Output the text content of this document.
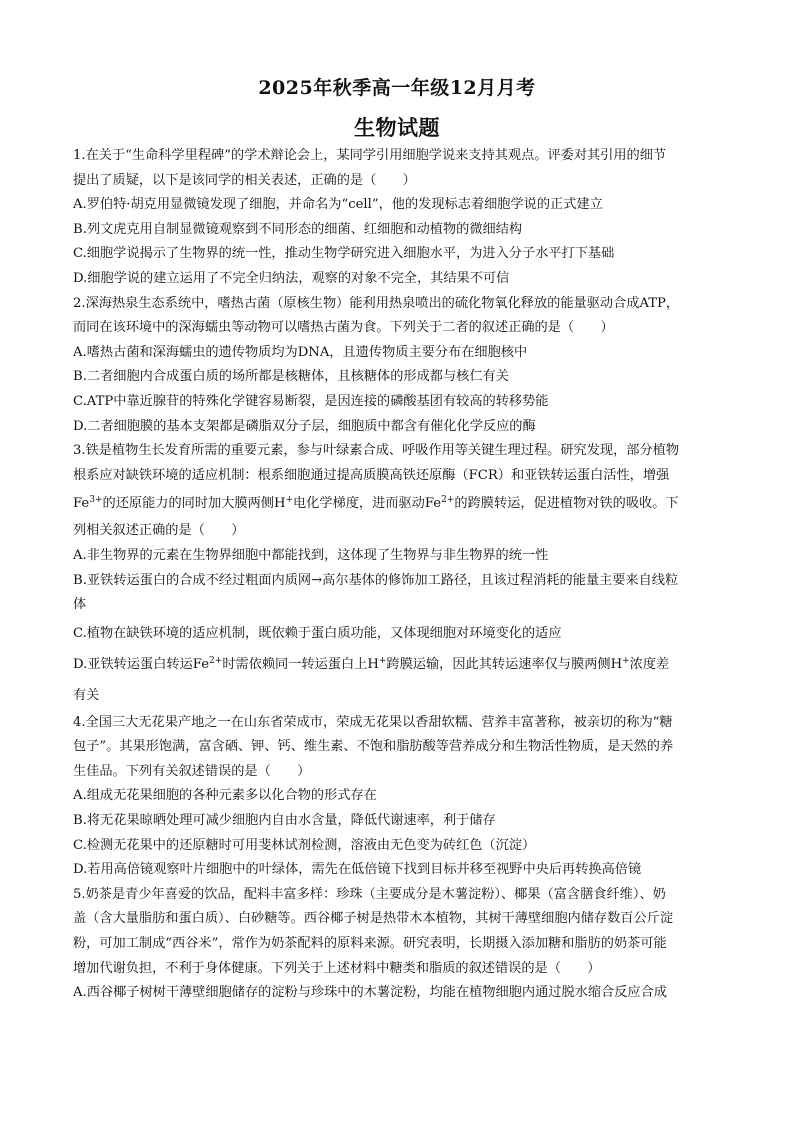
2025年秋季高一年级12月月考
生物试题

1.在关于“生命科学里程碑”的学术辩论会上，某同学引用细胞学说来支持其观点。评委对其引用的细节

提出了质疑，以下是该同学的相关表述，正确的是（　　）

A.罗伯特·胡克用显微镜发现了细胞，并命名为“cell”，他的发现标志着细胞学说的正式建立

B.列文虎克用自制显微镜观察到不同形态的细菌、红细胞和动植物的微细结构

C.细胞学说揭示了生物界的统一性，推动生物学研究进入细胞水平，为进入分子水平打下基础

D.细胞学说的建立运用了不完全归纳法，观察的对象不完全，其结果不可信

2.深海热泉生态系统中，嗜热古菌（原核生物）能利用热泉喷出的硫化物氧化释放的能量驱动合成ATP，

而同在该环境中的深海蠕虫等动物可以嗜热古菌为食。下列关于二者的叙述正确的是（　　）

A.嗜热古菌和深海蠕虫的遗传物质均为DNA，且遗传物质主要分布在细胞核中

B.二者细胞内合成蛋白质的场所都是核糖体，且核糖体的形成都与核仁有关

C.ATP中靠近腺苷的特殊化学键容易断裂，是因连接的磷酸基团有较高的转移势能

D.二者细胞膜的基本支架都是磷脂双分子层，细胞质中都含有催化化学反应的酶

3.铁是植物生长发育所需的重要元素，参与叶绿素合成、呼吸作用等关键生理过程。研究发现，部分植物

根系应对缺铁环境的适应机制：根系细胞通过提高质膜高铁还原酶（FCR）和亚铁转运蛋白活性，增强

$Fe^{3+}$的还原能力的同时加大膜两侧H+电化学梯度，进而驱动$Fe^{2+}$的跨膜转运，促进植物对铁的吸收。下

列相关叙述正确的是（　　）

A.非生物界的元素在生物界细胞中都能找到，这体现了生物界与非生物界的统一性

B.亚铁转运蛋白的合成不经过粗面内质网→高尔基体的修饰加工路径，且该过程消耗的能量主要来自线粒

体

C.植物在缺铁环境的适应机制，既依赖于蛋白质功能，又体现细胞对环境变化的适应

D.亚铁转运蛋白转运$Fe^{2+}$时需依赖同一转运蛋白上H+跨膜运输，因此其转运速率仅与膜两侧H+浓度差

有关

4.全国三大无花果产地之一在山东省荣成市，荣成无花果以香甜软糯、营养丰富著称，被亲切的称为“糖

包子”。其果形饱满，富含硒、钾、钙、维生素、不饱和脂肪酸等营养成分和生物活性物质，是天然的养

生佳品。下列有关叙述错误的是（　　）

A.组成无花果细胞的各种元素多以化合物的形式存在

B.将无花果晾晒处理可减少细胞内自由水含量，降低代谢速率，利于储存

C.检测无花果中的还原糖时可用斐林试剂检测，溶液由无色变为砖红色（沉淀）

D.若用高倍镜观察叶片细胞中的叶绿体，需先在低倍镜下找到目标并移至视野中央后再转换高倍镜

5.奶茶是青少年喜爱的饮品，配料丰富多样：珍珠（主要成分是木薯淀粉）、椰果（富含膳食纤维）、奶

盖（含大量脂肪和蛋白质）、白砂糖等。西谷椰子树是热带木本植物，其树干薄壁细胞内储存数百公斤淀

粉，可加工制成“西谷米”，常作为奶茶配料的原料来源。研究表明，长期摄入添加糖和脂肪的奶茶可能

增加代谢负担，不利于身体健康。下列关于上述材料中糖类和脂质的叙述错误的是（　　）

A.西谷椰子树树干薄壁细胞储存的淀粉与珍珠中的木薯淀粉，均能在植物细胞内通过脱水缩合反应合成
